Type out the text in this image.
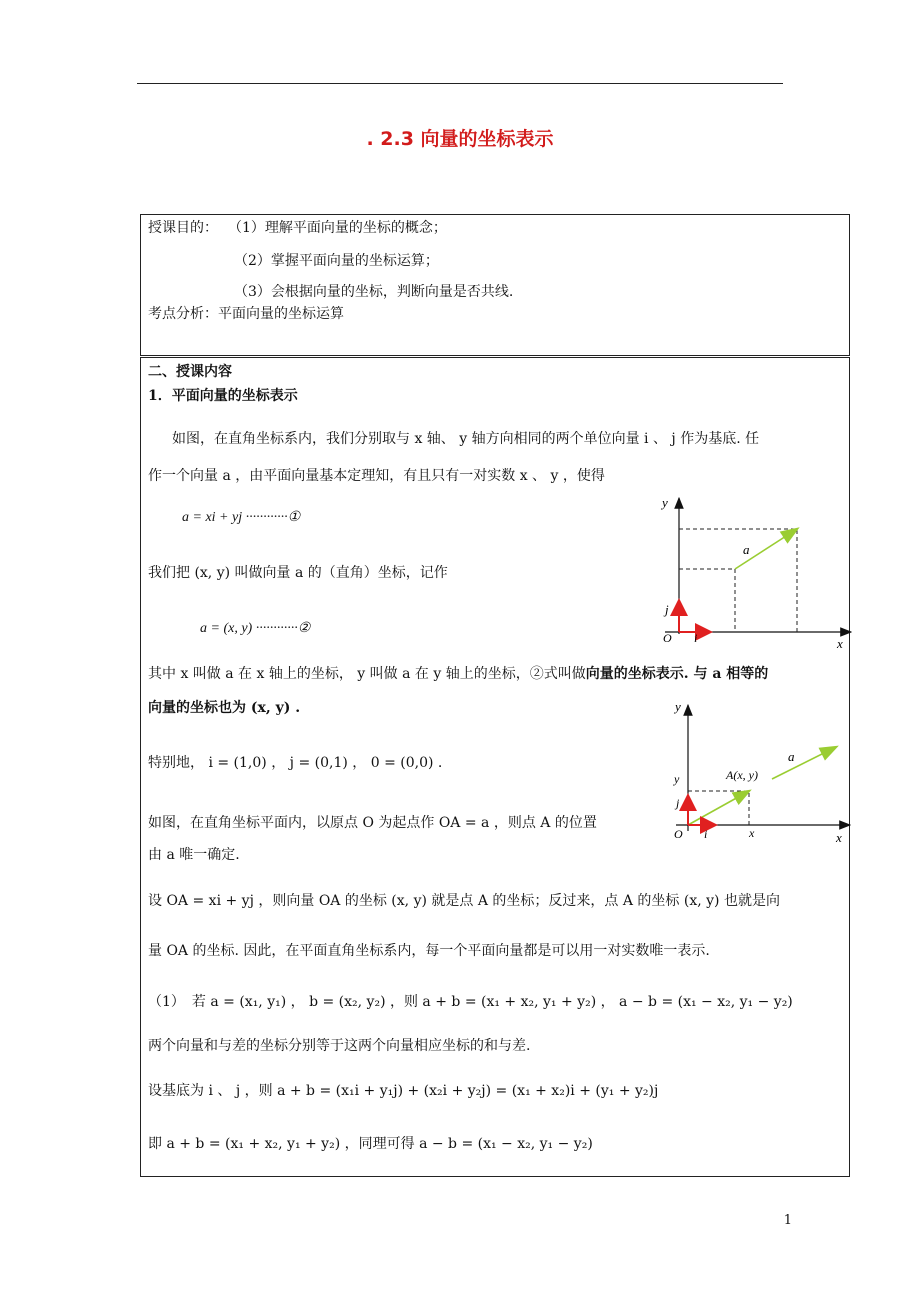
. 2.3 向量的坐标表示
授课目的： （1）理解平面向量的坐标的概念；
（2）掌握平面向量的坐标运算；
（3）会根据向量的坐标，判断向量是否共线.
考点分析：平面向量的坐标运算
二、授课内容
1．平面向量的坐标表示
如图，在直角坐标系内，我们分别取与 x 轴、 y 轴方向相同的两个单位向量 i 、 j 作为基底. 任
作一个向量 a ，由平面向量基本定理知，有且只有一对实数 x 、 y ，使得
a = xi + yj ············①
我们把 (x, y) 叫做向量 a 的（直角）坐标，记作
a = (x, y) ············②
其中 x 叫做 a 在 x 轴上的坐标， y 叫做 a 在 y 轴上的坐标，②式叫做向量的坐标表示. 与 a 相等的
向量的坐标也为 (x, y) .
特别地， i = (1,0) ， j = (0,1) ， 0 = (0,0) .
如图，在直角坐标平面内，以原点 O 为起点作 OA = a ，则点 A 的位置
由 a 唯一确定.
设 OA = xi + yj ，则向量 OA 的坐标 (x, y) 就是点 A 的坐标；反过来，点 A 的坐标 (x, y) 也就是向
量 OA 的坐标. 因此，在平面直角坐标系内，每一个平面向量都是可以用一对实数唯一表示.
（1）　若 a = (x₁, y₁) ， b = (x₂, y₂) ，则 a + b = (x₁ + x₂, y₁ + y₂) ， a − b = (x₁ − x₂, y₁ − y₂)
两个向量和与差的坐标分别等于这两个向量相应坐标的和与差.
设基底为 i 、 j ，则 a + b = (x₁i + y₁j) + (x₂i + y₂j) = (x₁ + x₂)i + (y₁ + y₂)j
即 a + b = (x₁ + x₂, y₁ + y₂) ，同理可得 a − b = (x₁ − x₂, y₁ − y₂)
y
x
O i
j
a
y
x
O i
j
y
x
A(x, y)
a
1
